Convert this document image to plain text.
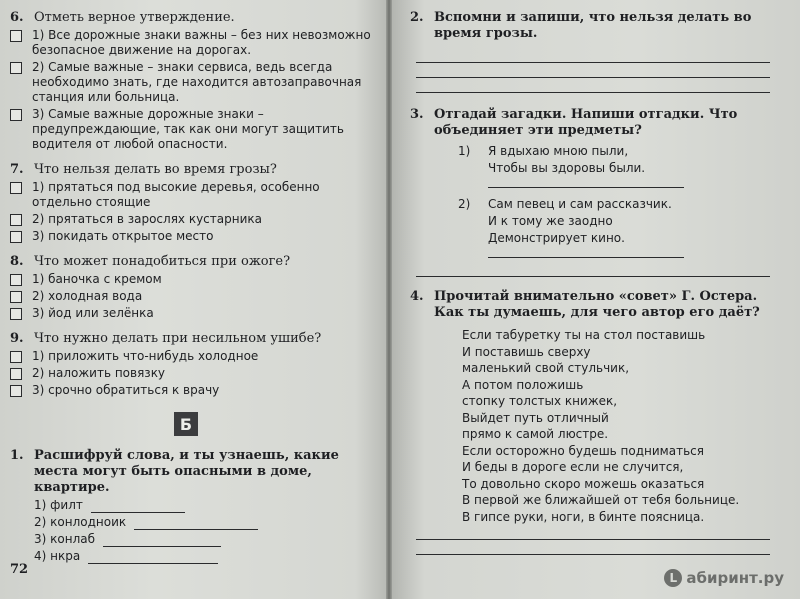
6. Отметь верное утверждение.
1) Все дорожные знаки важны – без них невозможно безопасное движение на дорогах.
2) Самые важные – знаки сервиса, ведь всегда необходимо знать, где находится автозаправочная станция или больница.
3) Самые важные дорожные знаки – предупреждающие, так как они могут защитить водителя от любой опасности.
7. Что нельзя делать во время грозы?
1) прятаться под высокие деревья, особенно отдельно стоящие
2) прятаться в зарослях кустарника
3) покидать открытое место
8. Что может понадобиться при ожоге?
1) баночка с кремом
2) холодная вода
3) йод или зелёнка
9. Что нужно делать при несильном ушибе?
1) приложить что-нибудь холодное
2) наложить повязку
3) срочно обратиться к врачу
Б
1. Расшифруй слова, и ты узнаешь, какие места могут быть опасными в доме, квартире.
1) филт
2) конлодноик
3) конлаб
4) нкра
72
2. Вспомни и запиши, что нельзя делать во время грозы.
3. Отгадай загадки. Напиши отгадки. Что объединяет эти предметы?
1)	Я вдыхаю мною пыли,
Чтобы вы здоровы были.
2)	Сам певец и сам рассказчик.
И к тому же заодно
Демонстрирует кино.
4. Прочитай внимательно «совет» Г. Остера. Как ты думаешь, для чего автор его даёт?
Если табуретку ты на стол поставишь
И поставишь сверху
маленький свой стульчик,
А потом положишь
стопку толстых книжек,
Выйдет путь отличный
прямо к самой люстре.
Если осторожно будешь подниматься
И беды в дороге если не случится,
То довольно скоро можешь оказаться
В первой же ближайшей от тебя больнице.
В гипсе руки, ноги, в бинте поясница.
L абиринт.ру
